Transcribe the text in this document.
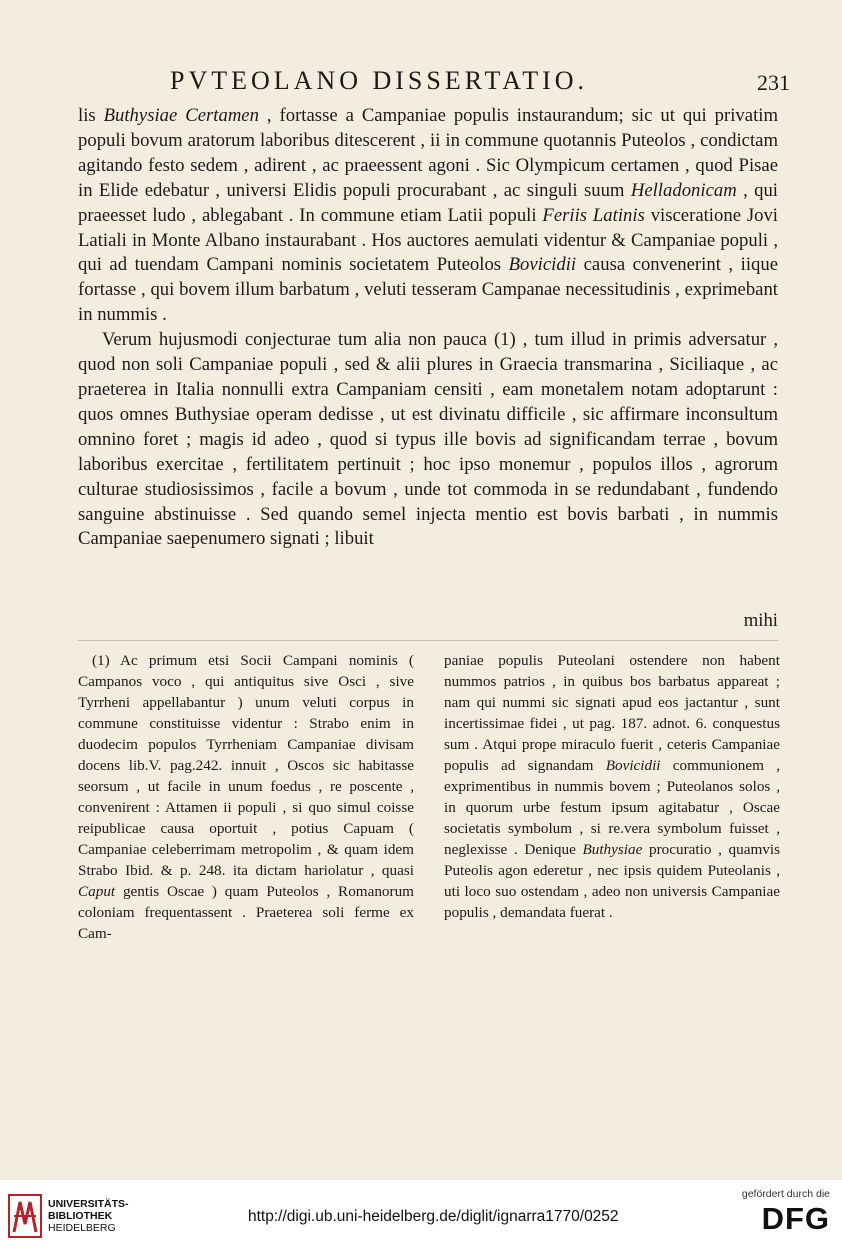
PVTEOLANO DISSERTATIO.	231

lis Buthysiae Certamen , fortasse a Campaniae populis instaurandum; sic ut qui privatim populi bovum aratorum laboribus ditescerent , ii in commune quotannis Puteolos , condictam agitando festo sedem , adirent , ac praeessent agoni . Sic Olympicum certamen , quod Pisae in Elide edebatur , universi Elidis populi procurabant , ac singuli suum Helladonicam , qui praeesset ludo , ablegabant . In commune etiam Latii populi Feriis Latinis visceratione Jovi Latiali in Monte Albano instaurabant . Hos auctores aemulati videntur & Campaniae populi , qui ad tuendam Campani nominis societatem Puteolos Bovicidii causa convenerint , iique fortasse , qui bovem illum barbatum , veluti tesseram Campanae necessitudinis , exprimebant in nummis .

Verum hujusmodi conjecturae tum alia non pauca (1) , tum illud in primis adversatur , quod non soli Campaniae populi , sed & alii plures in Graecia transmarina , Siciliaque , ac praeterea in Italia nonnulli extra Campaniam censiti , eam monetalem notam adoptarunt : quos omnes Buthysiae operam dedisse , ut est divinatu difficile , sic affirmare inconsultum omnino foret ; magis id adeo , quod si typus ille bovis ad significandam terrae , bovum laboribus exercitae , fertilitatem pertinuit ; hoc ipso monemur , populos illos , agrorum culturae studiosissimos , facile a bovum , unde tot commoda in se redundabant , fundendo sanguine abstinuisse . Sed quando semel injecta mentio est bovis barbati , in nummis Campaniae saepenumero signati ; libuit

mihi

(1) Ac primum etsi Socii Campani nominis ( Campanos voco , qui antiquitus sive Osci , sive Tyrrheni appellabantur ) unum veluti corpus in commune constituisse videntur : Strabo enim in duodecim populos Tyrrheniam Campaniae divisam docens lib.V. pag.242. innuit , Oscos sic habitasse seorsum , ut facile in unum foedus , re poscente , convenirent : Attamen ii populi , si quo simul coisse reipublicae causa oportuit , potius Capuam ( Campaniae celeberrimam metropolim , & quam idem Strabo Ibid. & p. 248. ita dictam hariolatur , quasi Caput gentis Oscae ) quam Puteolos , Romanorum coloniam frequentassent . Praeterea soli ferme ex Cam-

paniae populis Puteolani ostendere non habent nummos patrios , in quibus bos barbatus appareat ; nam qui nummi sic signati apud eos jactantur , sunt incertissimae fidei , ut pag. 187. adnot. 6. conquestus sum . Atqui prope miraculo fuerit , ceteris Campaniae populis ad signandam Bovicidii communionem , exprimentibus in nummis bovem ; Puteolanos solos , in quorum urbe festum ipsum agitabatur , Oscae societatis symbolum , si re.vera symbolum fuisset , neglexisse . Denique Buthysiae procuratio , quamvis Puteolis agon ederetur , nec ipsis quidem Puteolanis , uti loco suo ostendam , adeo non universis Campaniae populis , demandata fuerat .

UNIVERSITÄTS-
BIBLIOTHEK
HEIDELBERG
http://digi.ub.uni-heidelberg.de/diglit/ignarra1770/0252
gefördert durch die
DFG
